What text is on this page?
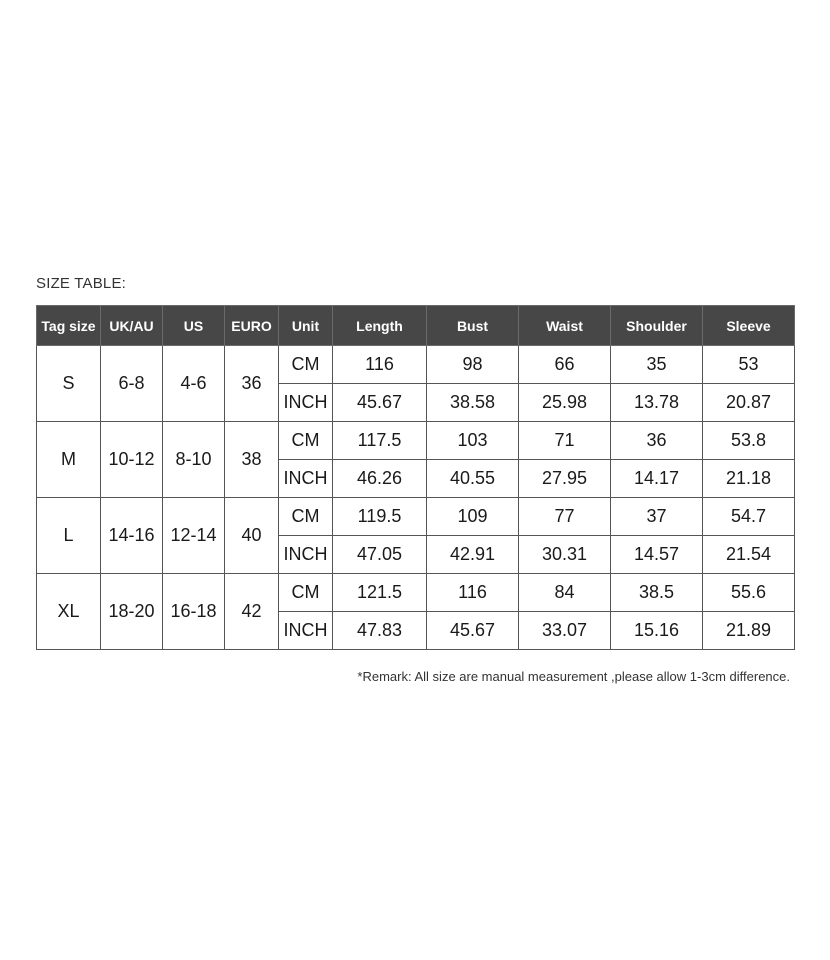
SIZE TABLE:
Tag size	UK/AU	US	EURO	Unit	Length	Bust	Waist	Shoulder	Sleeve
S	6-8	4-6	36	CM	116	98	66	35	53
				INCH	45.67	38.58	25.98	13.78	20.87
M	10-12	8-10	38	CM	117.5	103	71	36	53.8
				INCH	46.26	40.55	27.95	14.17	21.18
L	14-16	12-14	40	CM	119.5	109	77	37	54.7
				INCH	47.05	42.91	30.31	14.57	21.54
XL	18-20	16-18	42	CM	121.5	116	84	38.5	55.6
				INCH	47.83	45.67	33.07	15.16	21.89
*Remark: All size are manual measurement ,please allow 1-3cm difference.
